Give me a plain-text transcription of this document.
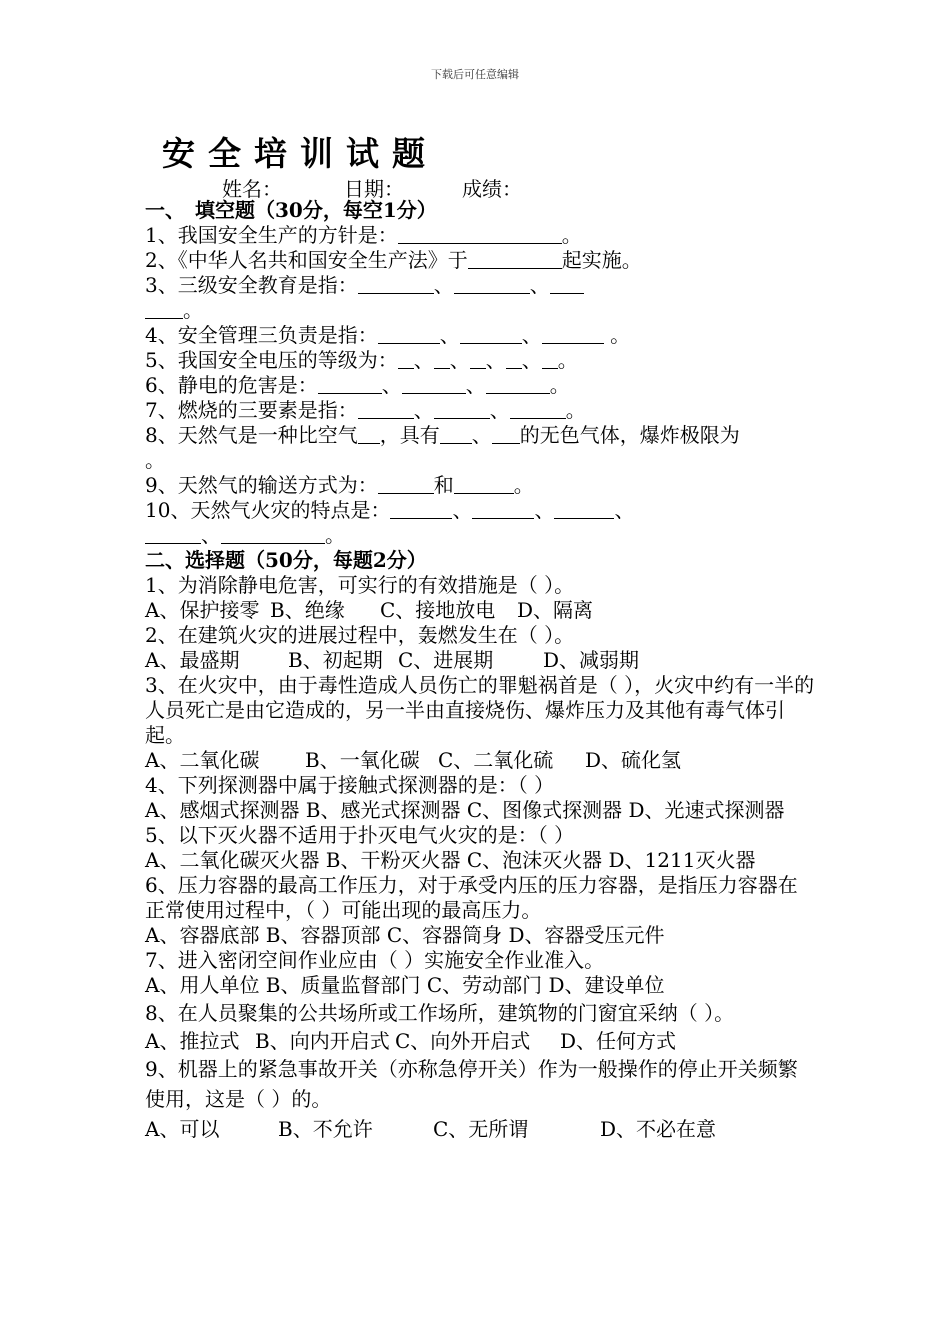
下载后可任意编辑
安全培训试题
姓名：	日期：	成绩：
一、　填空题（30分，每空1分）
1、我国安全生产的方针是：	。
2、《中华人名共和国安全生产法》于	起实施。
3、三级安全教育是指：	、	、
。
4、安全管理三负责是指：	、	、	。
5、我国安全电压的等级为： 、 、 、 、 。
6、静电的危害是：	、	、	。
7、燃烧的三要素是指：	、	、	。
8、天然气是一种比空气 ，具有 、 的无色气体，爆炸极限为
。
9、天然气的输送方式为：	和	。
10、天然气火灾的特点是：	、	、	、
、	。
二、选择题（50分，每题2分）
1、为消除静电危害，可实行的有效措施是（ ）。
A、保护接零 B、绝缘 C、接地放电 D、隔离
2、在建筑火灾的进展过程中，轰燃发生在（ ）。
A、最盛期 B、初起期 C、进展期 D、减弱期
3、在火灾中，由于毒性造成人员伤亡的罪魁祸首是（ ），火灾中约有一半的人员死亡是由它造成的，另一半由直接烧伤、爆炸压力及其他有毒气体引起。
A、二氧化碳 B、一氧化碳 C、二氧化硫 D、硫化氢
4、下列探测器中属于接触式探测器的是：（ ）
A、感烟式探测器 B、感光式探测器 C、图像式探测器 D、光速式探测器
5、以下灭火器不适用于扑灭电气火灾的是：（ ）
A、二氧化碳灭火器 B、干粉灭火器 C、泡沫灭火器 D、1211灭火器
6、压力容器的最高工作压力，对于承受内压的压力容器，是指压力容器在正常使用过程中，（ ）可能出现的最高压力。
A、容器底部 B、容器顶部 C、容器筒身 D、容器受压元件
7、进入密闭空间作业应由（ ）实施安全作业准入。
A、用人单位 B、质量监督部门 C、劳动部门 D、建设单位
8、在人员聚集的公共场所或工作场所，建筑物的门窗宜采纳（ ）。
A、推拉式 B、向内开启式 C、向外开启式 D、任何方式
9、机器上的紧急事故开关（亦称急停开关）作为一般操作的停止开关频繁使用，这是（ ）的。
A、可以	B、不允许	C、无所谓	D、不必在意
